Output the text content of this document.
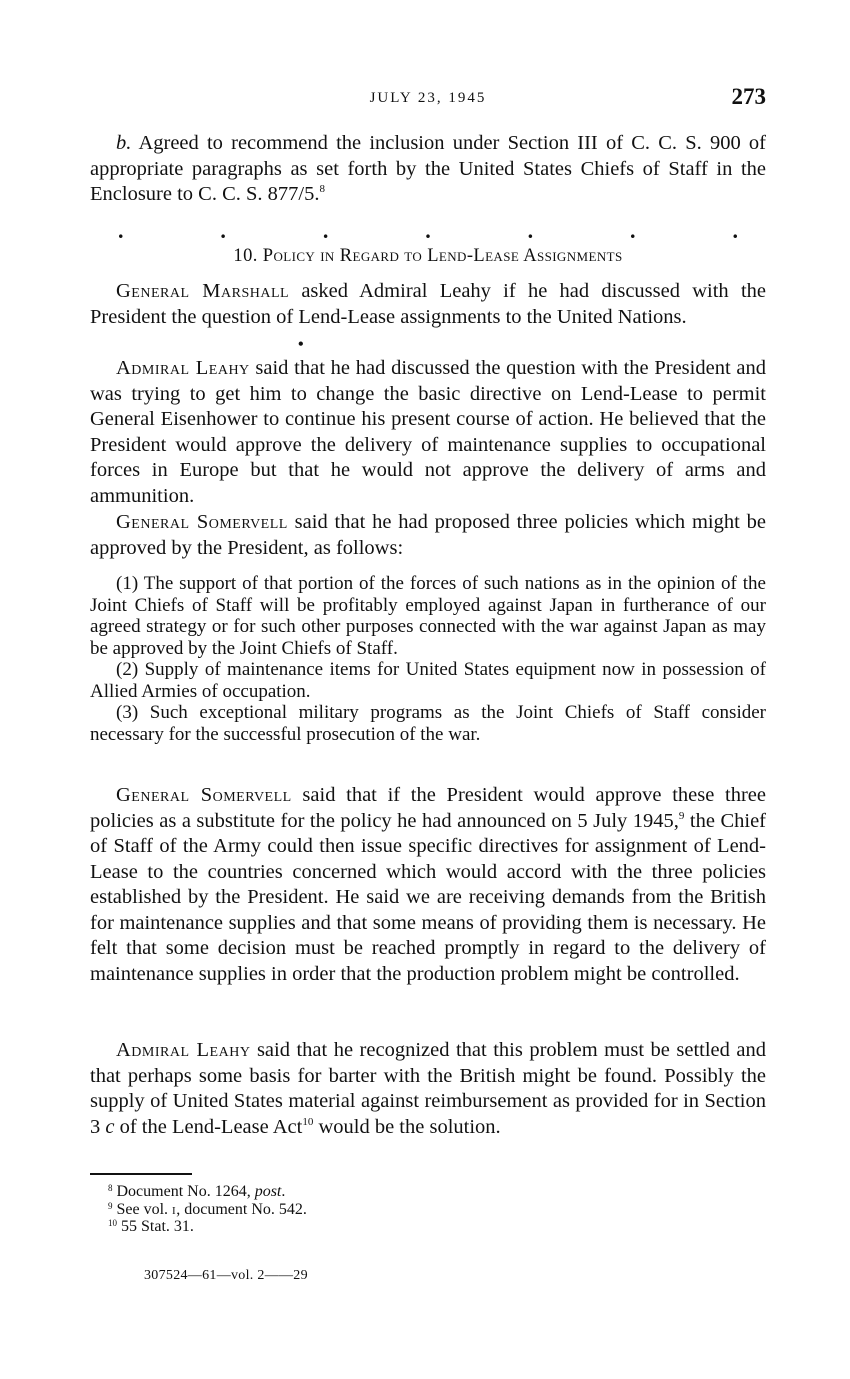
JULY 23, 1945	273

b. Agreed to recommend the inclusion under Section III of C. C. S. 900 of appropriate paragraphs as set forth by the United States Chiefs of Staff in the Enclosure to C. C. S. 877/5.$^8$

.	.	.	.	.	.	.
10. Policy in Regard to Lend-Lease Assignments

General Marshall asked Admiral Leahy if he had discussed with the President the question of Lend-Lease assignments to the United Nations.

•

Admiral Leahy said that he had discussed the question with the President and was trying to get him to change the basic directive on Lend-Lease to permit General Eisenhower to continue his present course of action. He believed that the President would approve the delivery of maintenance supplies to occupational forces in Europe but that he would not approve the delivery of arms and ammunition.

General Somervell said that he had proposed three policies which might be approved by the President, as follows:

(1) The support of that portion of the forces of such nations as in the opinion of the Joint Chiefs of Staff will be profitably employed against Japan in furtherance of our agreed strategy or for such other purposes connected with the war against Japan as may be approved by the Joint Chiefs of Staff.

(2) Supply of maintenance items for United States equipment now in possession of Allied Armies of occupation.

(3) Such exceptional military programs as the Joint Chiefs of Staff consider necessary for the successful prosecution of the war.

General Somervell said that if the President would approve these three policies as a substitute for the policy he had announced on 5 July 1945,$^9$ the Chief of Staff of the Army could then issue specific directives for assignment of Lend-Lease to the countries concerned which would accord with the three policies established by the President. He said we are receiving demands from the British for maintenance supplies and that some means of providing them is necessary. He felt that some decision must be reached promptly in regard to the delivery of maintenance supplies in order that the production problem might be controlled.

Admiral Leahy said that he recognized that this problem must be settled and that perhaps some basis for barter with the British might be found. Possibly the supply of United States material against reimbursement as provided for in Section 3 c of the Lend-Lease Act$^{10}$ would be the solution.

$^8$ Document No. 1264, post.
$^9$ See vol. i, document No. 542.
$^{10}$ 55 Stat. 31.
307524—61—vol. 2——29
